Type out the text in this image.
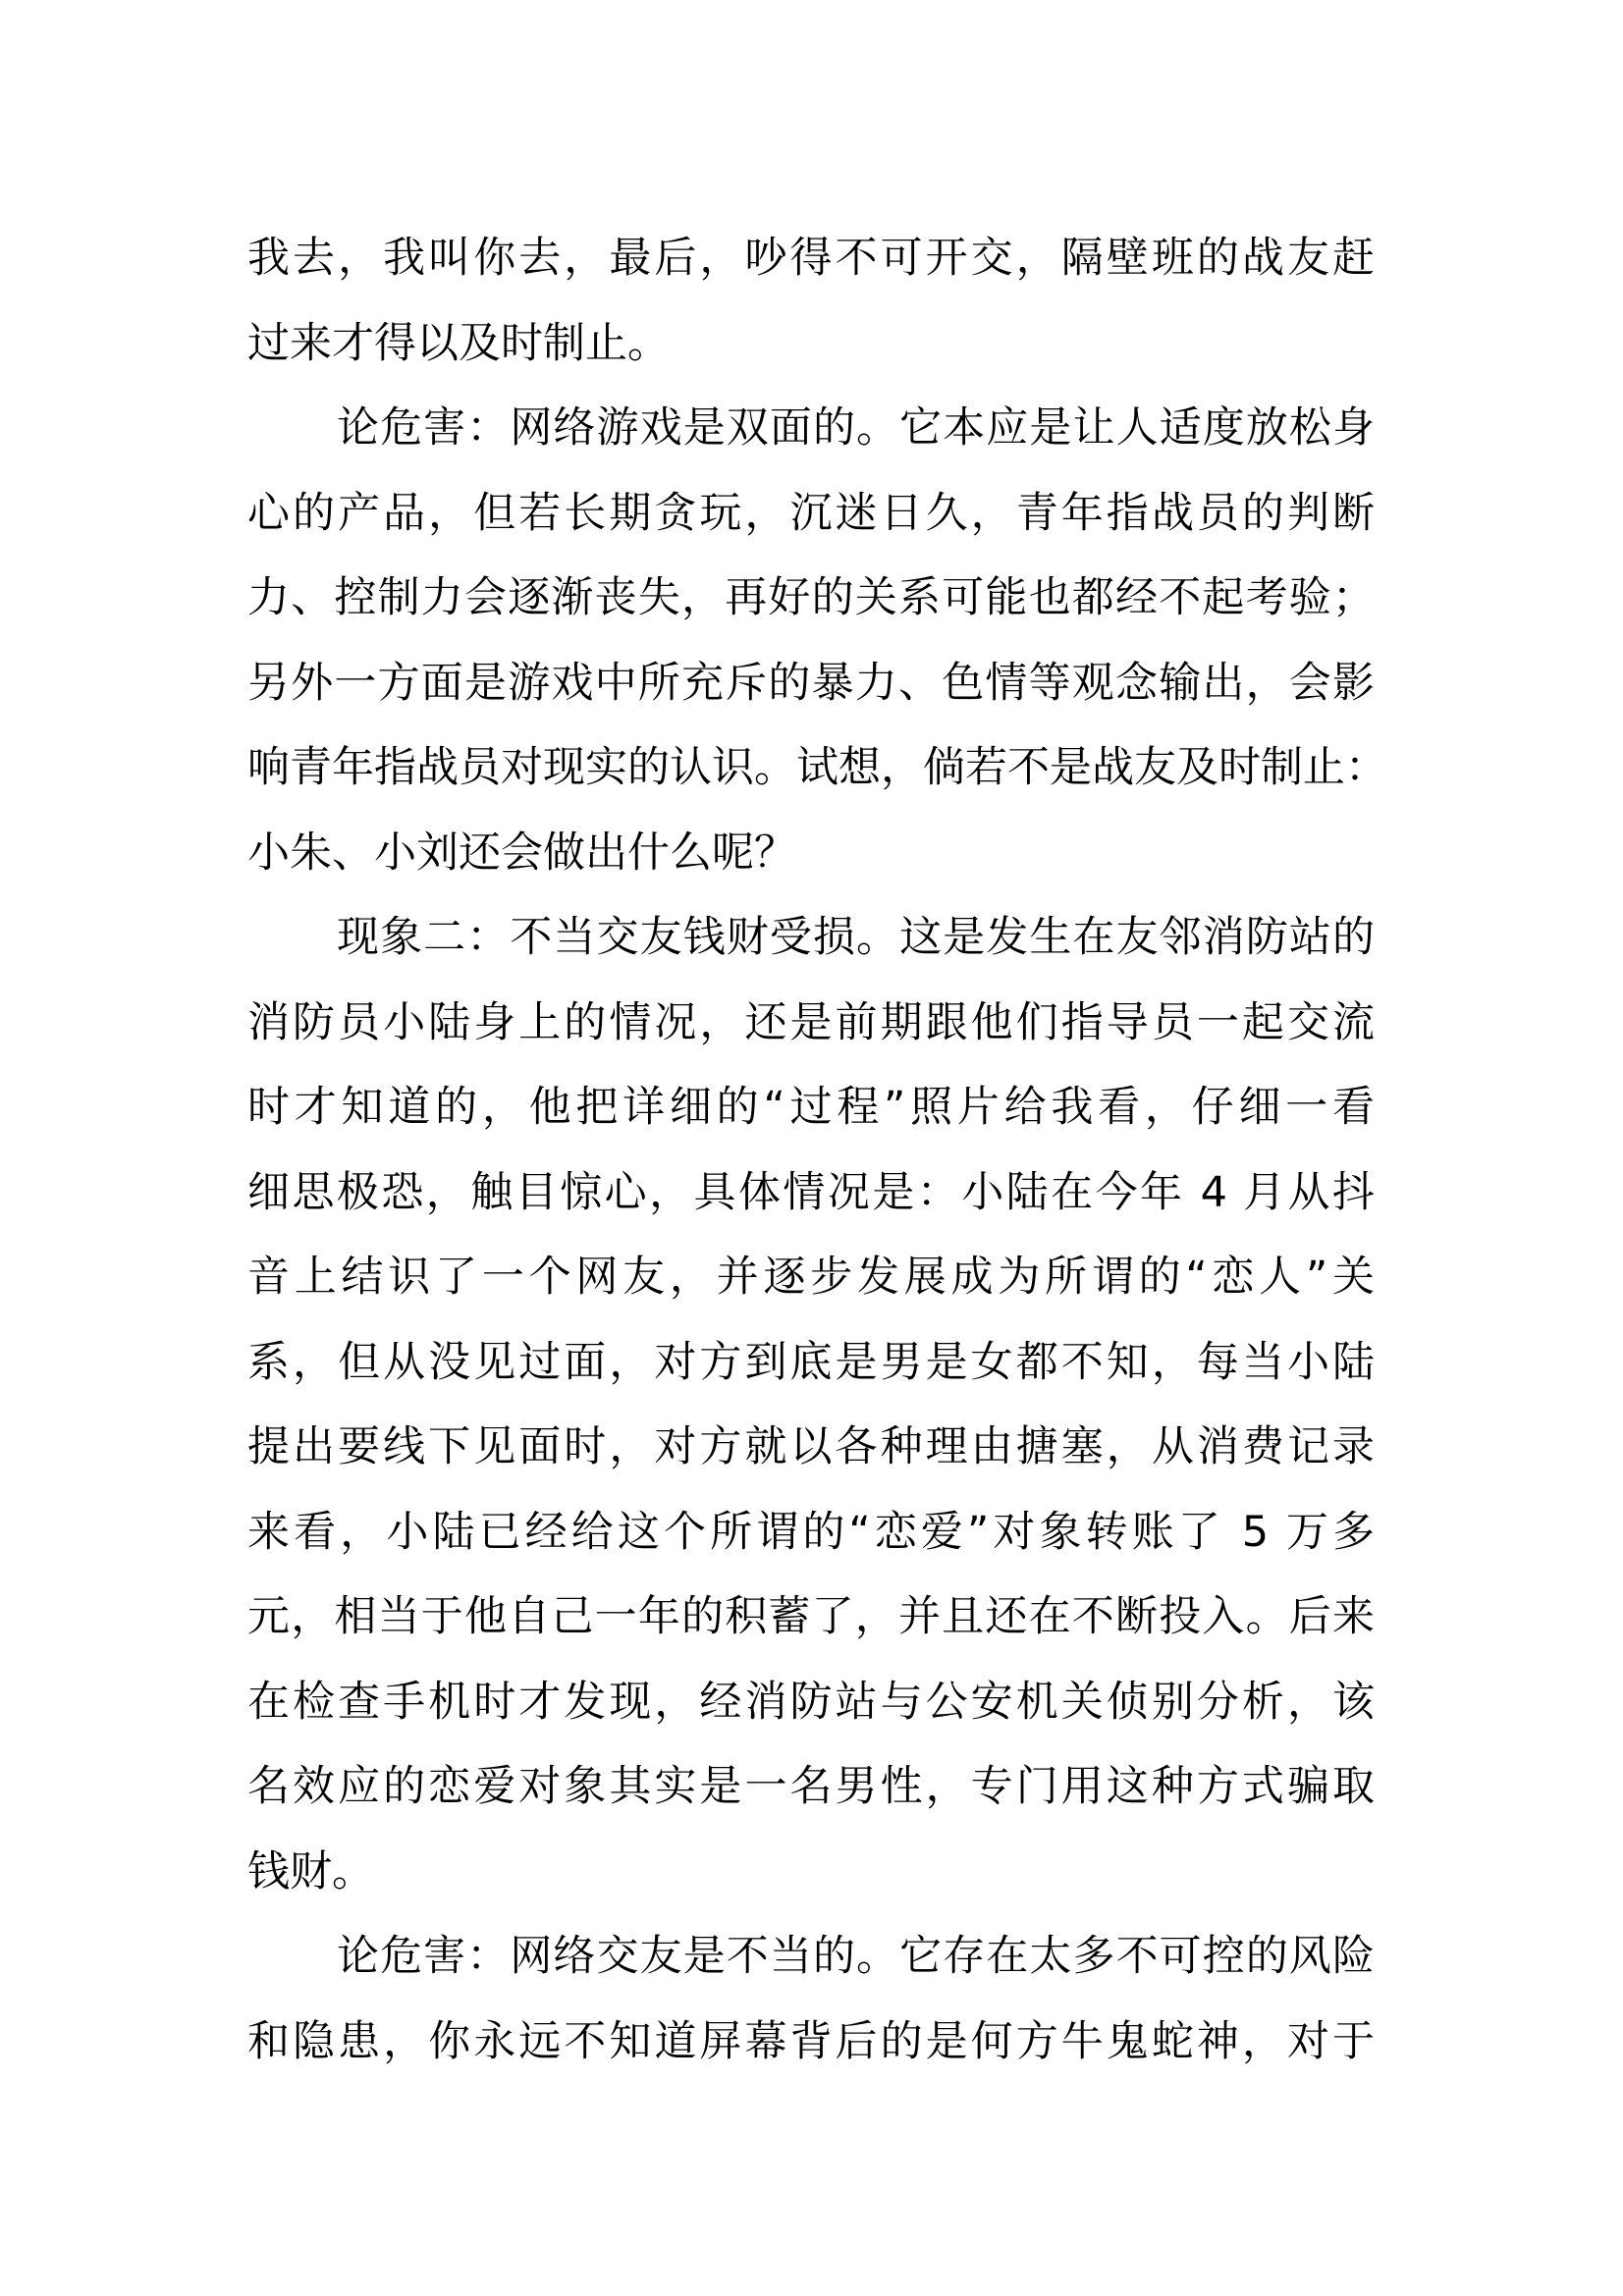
我去，我叫你去，最后，吵得不可开交，隔壁班的战友赶
过来才得以及时制止。
论危害：网络游戏是双面的。它本应是让人适度放松身
心的产品，但若长期贪玩，沉迷日久，青年指战员的判断
力、控制力会逐渐丧失，再好的关系可能也都经不起考验；
另外一方面是游戏中所充斥的暴力、色情等观念输出，会影
响青年指战员对现实的认识。试想，倘若不是战友及时制止：
小朱、小刘还会做出什么呢？
现象二：不当交友钱财受损。这是发生在友邻消防站的
消防员小陆身上的情况，还是前期跟他们指导员一起交流
时才知道的，他把详细的“过程”照片给我看，仔细一看
细思极恐，触目惊心，具体情况是：小陆在今年 4 月从抖
音上结识了一个网友，并逐步发展成为所谓的“恋人”关
系，但从没见过面，对方到底是男是女都不知，每当小陆
提出要线下见面时，对方就以各种理由搪塞，从消费记录
来看，小陆已经给这个所谓的“恋爱”对象转账了 5 万多
元，相当于他自己一年的积蓄了，并且还在不断投入。后来
在检查手机时才发现，经消防站与公安机关侦别分析，该
名效应的恋爱对象其实是一名男性，专门用这种方式骗取
钱财。
论危害：网络交友是不当的。它存在太多不可控的风险
和隐患，你永远不知道屏幕背后的是何方牛鬼蛇神，对于
